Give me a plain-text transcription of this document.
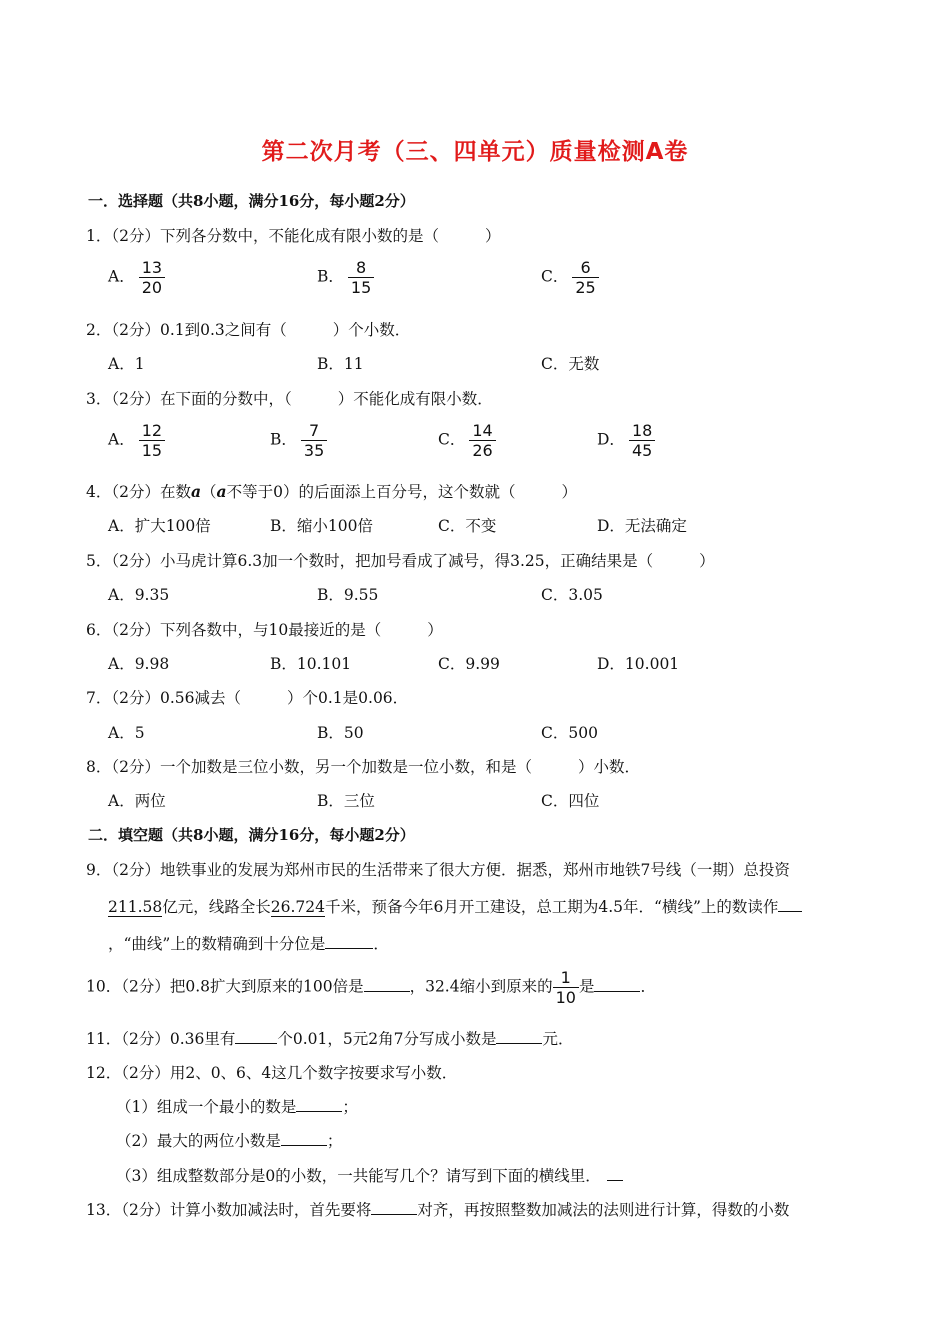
第二次月考（三、四单元）质量检测A卷
一．选择题（共8小题，满分16分，每小题2分）
1．（2分）下列各分数中，不能化成有限小数的是（	）
A． $\frac{13}{20}$	B． $\frac{8}{15}$	C． $\frac{6}{25}$
2．（2分）0.1到0.3之间有（	）个小数．
A．1	B．11	C．无数
3．（2分）在下面的分数中，（	）不能化成有限小数．
A． $\frac{12}{15}$	B． $\frac{7}{35}$	C． $\frac{14}{26}$	D． $\frac{18}{45}$
4．（2分）在数a（a不等于0）的后面添上百分号，这个数就（	）
A．扩大100倍	B．缩小100倍	C．不变	D．无法确定
5．（2分）小马虎计算6.3加一个数时，把加号看成了减号，得3.25，正确结果是（	）
A．9.35	B．9.55	C．3.05
6．（2分）下列各数中，与10最接近的是（	）
A．9.98	B．10.101	C．9.99	D．10.001
7．（2分）0.56减去（	）个0.1是0.06．
A．5	B．50	C．500
8．（2分）一个加数是三位小数，另一个加数是一位小数，和是（	）小数．
A．两位	B．三位	C．四位
二．填空题（共8小题，满分16分，每小题2分）
9．（2分）地铁事业的发展为郑州市民的生活带来了很大方便．据悉，郑州市地铁7号线（一期）总投资
211.58亿元，线路全长26.724千米，预备今年6月开工建设，总工期为4.5年．“横线”上的数读作
，“曲线”上的数精确到十分位是	．
10．（2分）把0.8扩大到原来的100倍是	，32.4缩小到原来的 $\frac{1}{10}$ 是	．
11．（2分）0.36里有	个0.01，5元2角7分写成小数是	元．
12．（2分）用2、0、6、4这几个数字按要求写小数．
（1）组成一个最小的数是	；
（2）最大的两位小数是	；
（3）组成整数部分是0的小数，一共能写几个？请写到下面的横线里．
13．（2分）计算小数加减法时，首先要将	对齐，再按照整数加减法的法则进行计算，得数的小数
